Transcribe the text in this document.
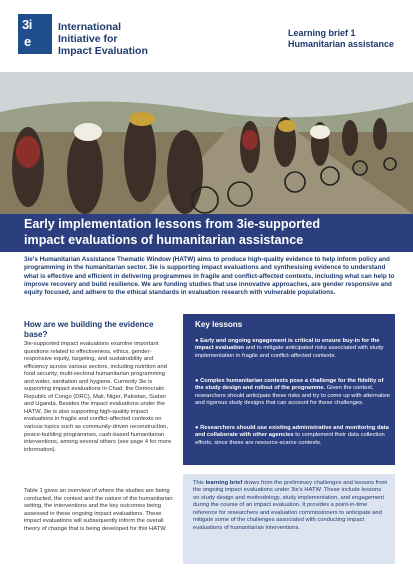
3i
e
International
Initiative for
Impact Evaluation
Learning brief 1
Humanitarian assistance
Early implementation lessons from 3ie-supported
impact evaluations of humanitarian assistance
3ie's Humanitarian Assistance Thematic Window (HATW) aims to produce high-quality evidence to help inform policy and programming in the humanitarian sector. 3ie is supporting impact evaluations and synthesising evidence to understand what is effective and efficient in delivering programmes in fragile and conflict-affected contexts, including what can help to improve recovery and build resilience. We are funding studies that use innovative approaches, are gender responsive and equity focused, and adhere to the ethical standards in evaluation research with vulnerable populations.
How are we building the evidence base?
3ie-supported impact evaluations examine important questions related to effectiveness, ethics, gender-responsive equity, targeting, and sustainability and efficiency across various sectors, including nutrition and food security, multi-sectoral humanitarian programming and water, sanitation and hygiene. Currently 3ie is supporting impact evaluations in Chad, the Democratic Republic of Congo (DRC), Mali, Niger, Pakistan, Sudan and Uganda. Besides the impact evaluations under the HATW, 3ie is also supporting high-quality impact evaluations in fragile and conflict-affected contexts on various topics such as community-driven reconstruction, peace-building programmes, cash-based humanitarian interventions, among several others (see page 4 for more information).
Table 1 gives an overview of where the studies are being conducted, the context and the nature of the humanitarian setting, the interventions and the key outcomes being assessed in these ongoing impact evaluations. These impact evaluations will subsequently inform the overall theory of change that is being developed for this HATW.
Key lessons
● Early and ongoing engagement is critical to ensure buy-in for the impact evaluation and to mitigate anticipated risks associated with study implementation in fragile and conflict-affected contexts.
● Complex humanitarian contexts pose a challenge for the fidelity of the study design and rollout of the programme. Given the context, researchers should anticipate these risks and try to come up with alternative and rigorous study designs that can account for these challenges.
● Researchers should use existing administrative and monitoring data and collaborate with other agencies to complement their data collection efforts, since these are resource-scarce contexts.
This learning brief draws from the preliminary challenges and lessons from the ongoing impact evaluations under 3ie's HATW. These include lessons on study design and methodology, study implementation, and engagement during the course of an impact evaluation. It provides a point-in-time reference for researchers and evaluation commissioners to anticipate and mitigate some of the challenges associated with conducting impact evaluations of humanitarian interventions.
